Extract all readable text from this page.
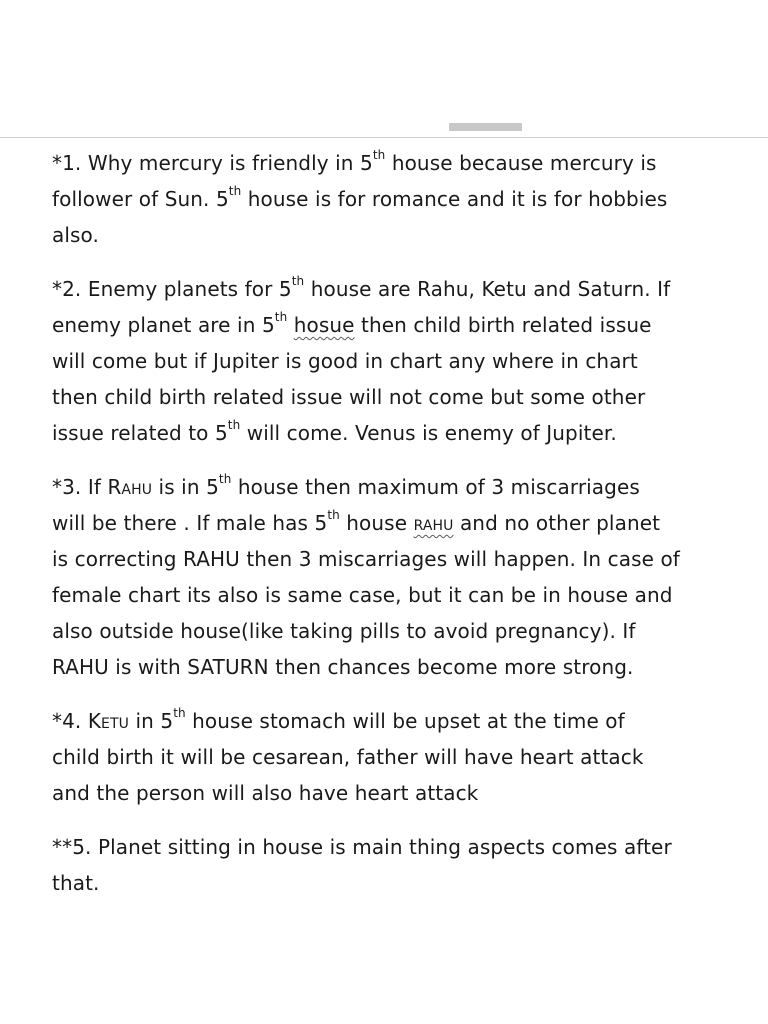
*1. Why mercury is friendly in 5th house because mercury is
follower of Sun. 5th house is for romance and it is for hobbies
also.
*2. Enemy planets for 5th house are Rahu, Ketu and Saturn. If
enemy planet are in 5th hosue then child birth related issue
will come but if Jupiter is good in chart any where in chart
then child birth related issue will not come but some other
issue related to 5th will come. Venus is enemy of Jupiter.
*3. If Rahu is in 5th house then maximum of 3 miscarriages
will be there . If male has 5th house rahu and no other planet
is correcting RAHU then 3 miscarriages will happen. In case of
female chart its also is same case, but it can be in house and
also outside house(like taking pills to avoid pregnancy). If
RAHU is with SATURN then chances become more strong.
*4. Ketu in 5th house stomach will be upset at the time of
child birth it will be cesarean, father will have heart attack
and the person will also have heart attack
**5. Planet sitting in house is main thing aspects comes after
that.
